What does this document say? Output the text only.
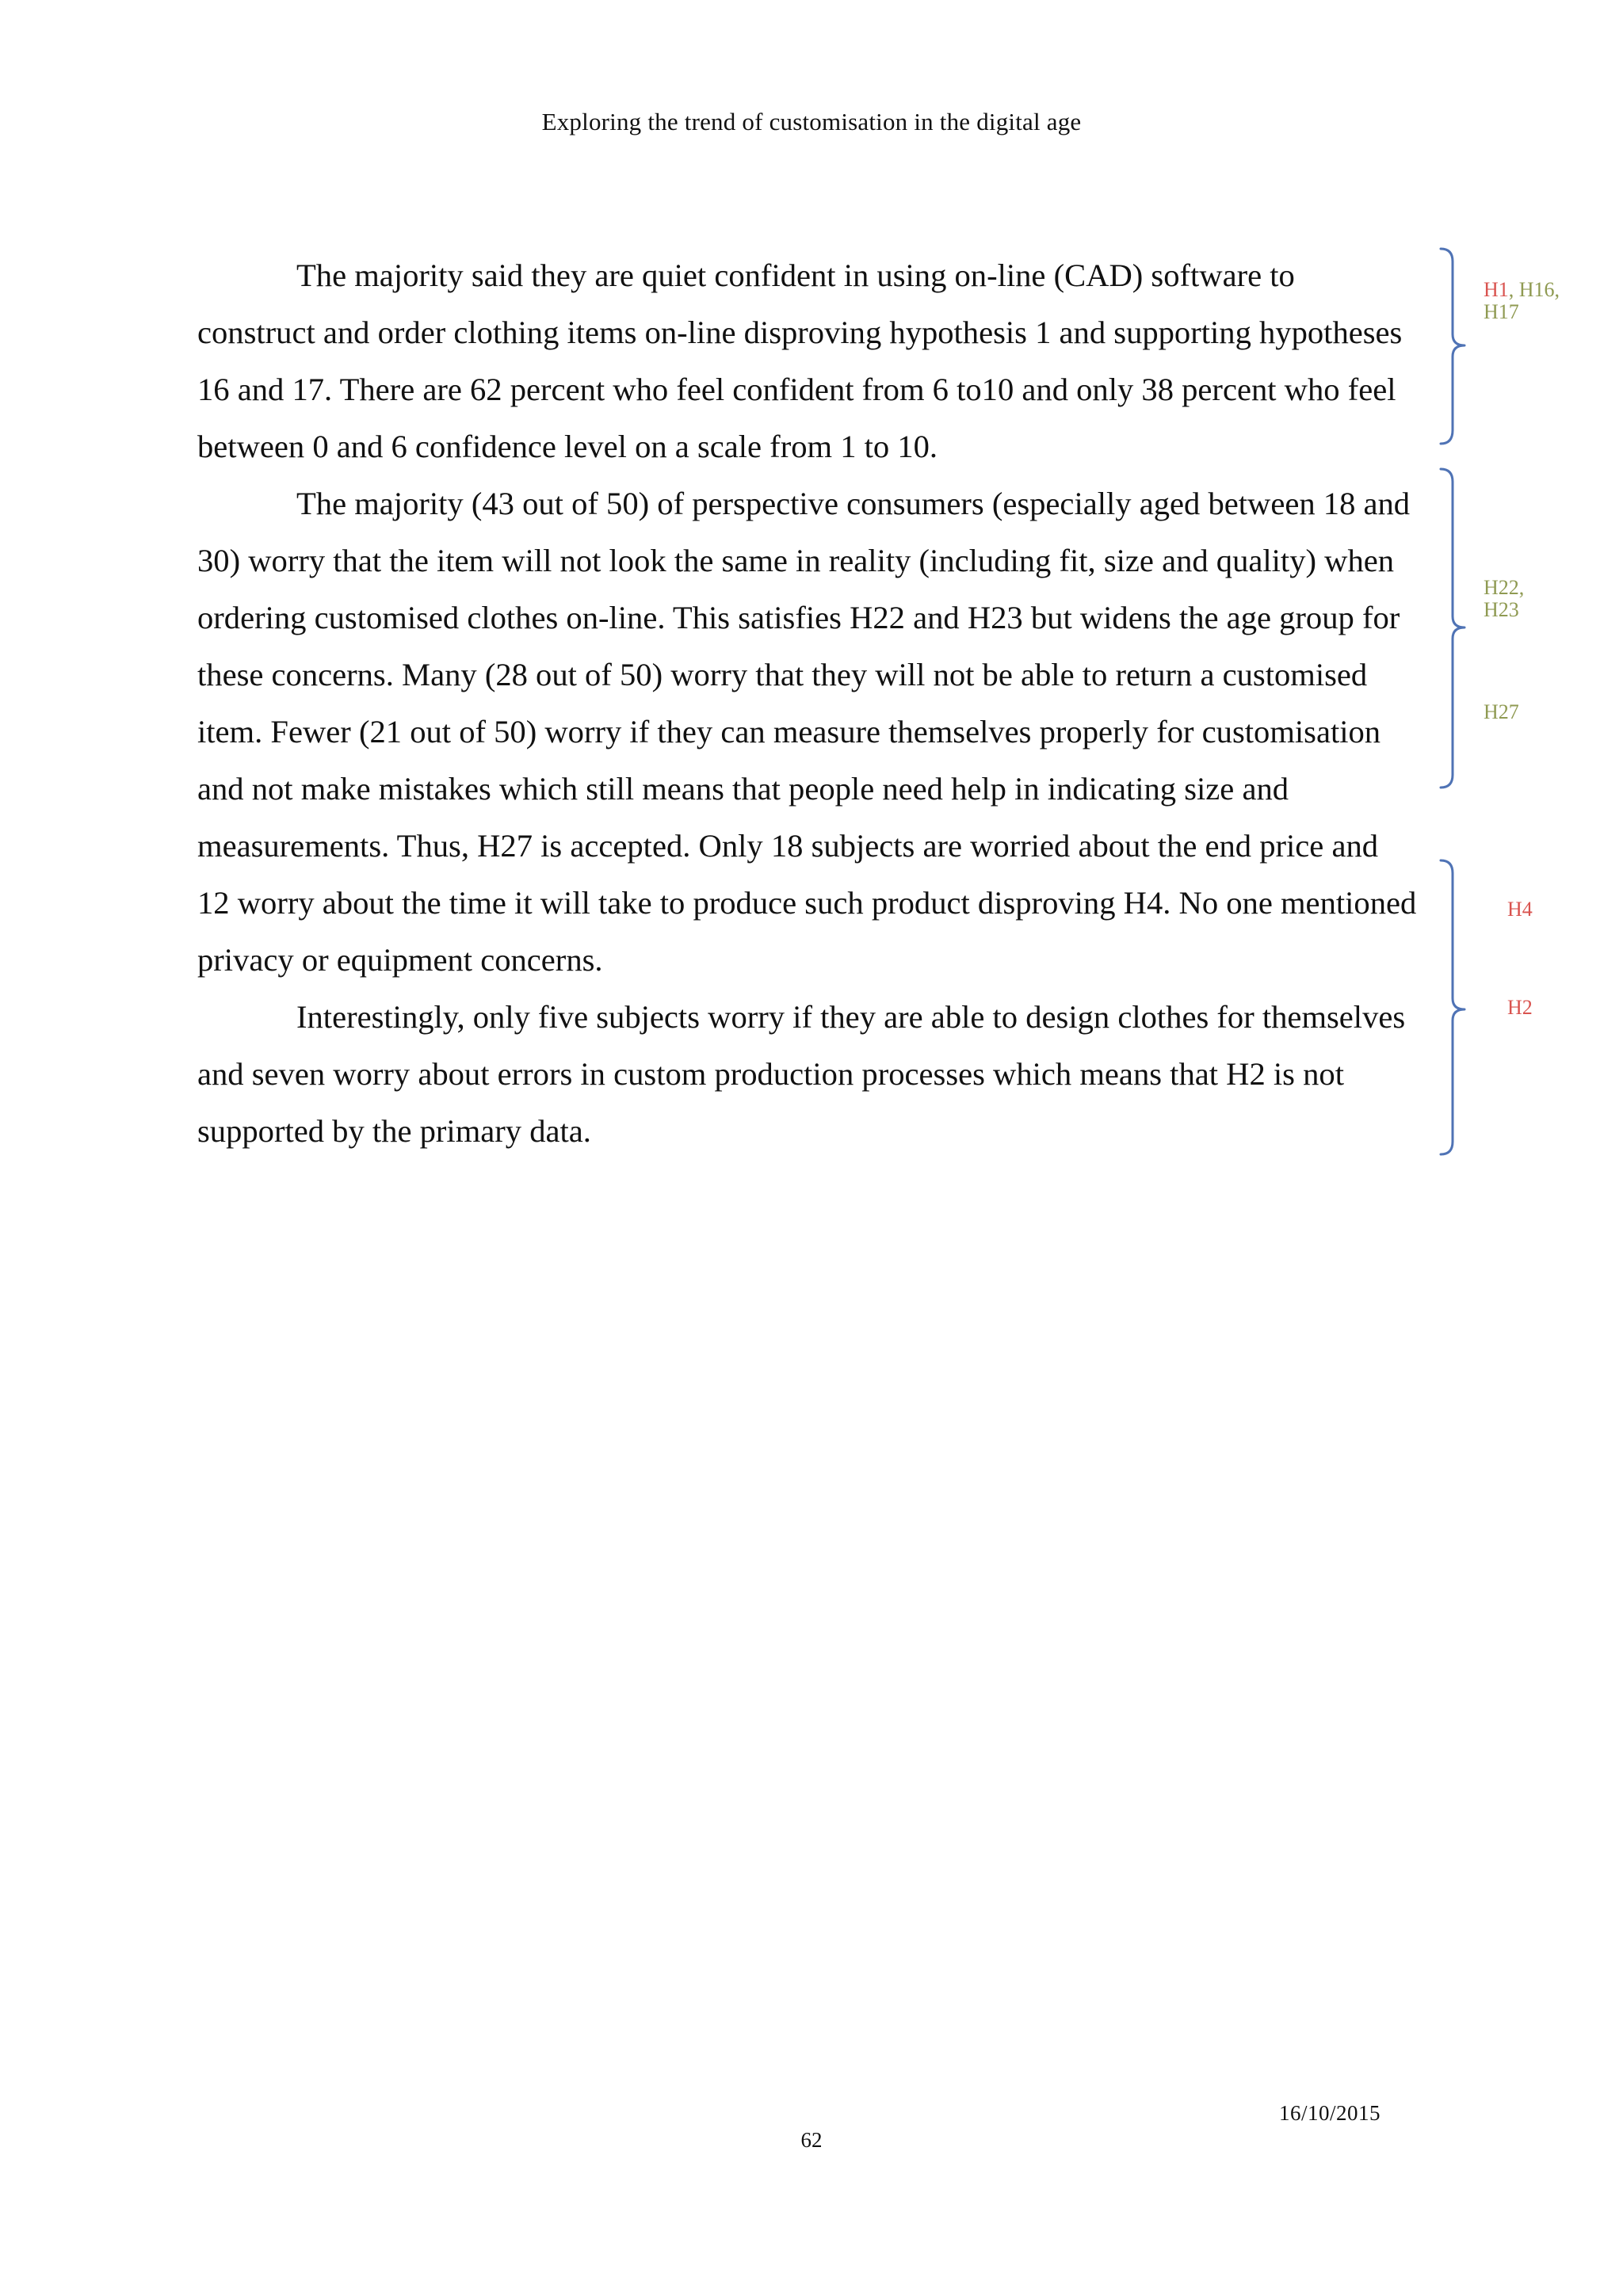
Exploring the trend of customisation in the digital age

The majority said they are quiet confident in using on-line (CAD) software to construct and order clothing items on-line disproving hypothesis 1 and supporting hypotheses 16 and 17. There are 62 percent who feel confident from 6 to10 and only 38 percent who feel between 0 and 6 confidence level on a scale from 1 to 10.

The majority (43 out of 50) of perspective consumers (especially aged between 18 and 30) worry that the item will not look the same in reality (including fit, size and quality) when ordering customised clothes on-line. This satisfies H22 and H23 but widens the age group for these concerns. Many (28 out of 50) worry that they will not be able to return a customised item. Fewer (21 out of 50) worry if they can measure themselves properly for customisation and not make mistakes which still means that people need help in indicating size and measurements. Thus, H27 is accepted. Only 18 subjects are worried about the end price and 12 worry about the time it will take to produce such product disproving H4. No one mentioned privacy or equipment concerns.

Interestingly, only five subjects worry if they are able to design clothes for themselves and seven worry about errors in custom production processes which means that H2 is not supported by the primary data.

H1, H16,
H17
H22,
H23
H27
H4
H2
16/10/2015
62
